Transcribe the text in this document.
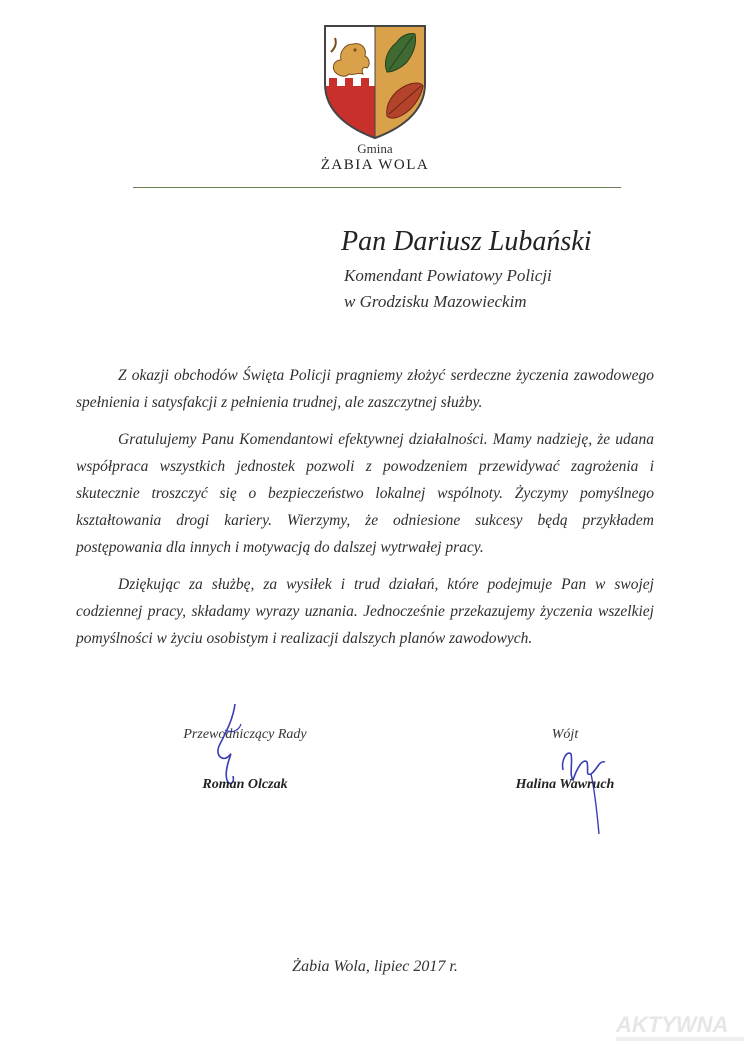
Gmina
ŻABIA WOLA
Pan Dariusz Lubański
Komendant Powiatowy Policji
w Grodzisku Mazowieckim

Z okazji obchodów Święta Policji pragniemy złożyć serdeczne życzenia zawodowego spełnienia i satysfakcji z pełnienia trudnej, ale zaszczytnej służby.

Gratulujemy Panu Komendantowi efektywnej działalności. Mamy nadzieję, że udana współpraca wszystkich jednostek pozwoli z powodzeniem przewidywać zagrożenia i skutecznie troszczyć się o bezpieczeństwo lokalnej wspólnoty. Życzymy pomyślnego kształtowania drogi kariery. Wierzymy, że odniesione sukcesy będą przykładem postępowania dla innych i motywacją do dalszej wytrwałej pracy.

Dziękując za służbę, za wysiłek i trud działań, które podejmuje Pan w swojej codziennej pracy, składamy wyrazy uznania. Jednocześnie przekazujemy życzenia wszelkiej pomyślności w życiu osobistym i realizacji dalszych planów zawodowych.

Przewodniczący Rady
Roman Olczak
Wójt
Halina Wawruch
Żabia Wola, lipiec 2017 r.
AKTYWNA
